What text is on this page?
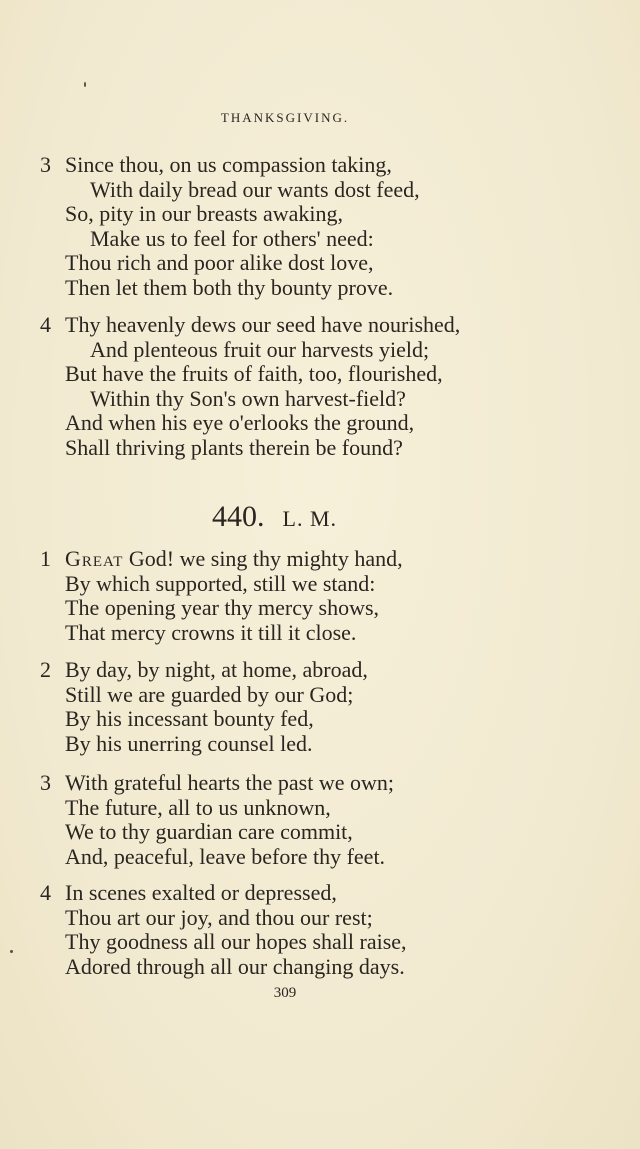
THANKSGIVING.
3 Since thou, on us compassion taking,
With daily bread our wants dost feed,
So, pity in our breasts awaking,
Make us to feel for others' need:
Thou rich and poor alike dost love,
Then let them both thy bounty prove.
4 Thy heavenly dews our seed have nourished,
And plenteous fruit our harvests yield;
But have the fruits of faith, too, flourished,
Within thy Son's own harvest-field?
And when his eye o'erlooks the ground,
Shall thriving plants therein be found?
440. L. M.
1 Great God! we sing thy mighty hand,
By which supported, still we stand:
The opening year thy mercy shows,
That mercy crowns it till it close.
2 By day, by night, at home, abroad,
Still we are guarded by our God;
By his incessant bounty fed,
By his unerring counsel led.
3 With grateful hearts the past we own;
The future, all to us unknown,
We to thy guardian care commit,
And, peaceful, leave before thy feet.
4 In scenes exalted or depressed,
Thou art our joy, and thou our rest;
Thy goodness all our hopes shall raise,
Adored through all our changing days.
309
